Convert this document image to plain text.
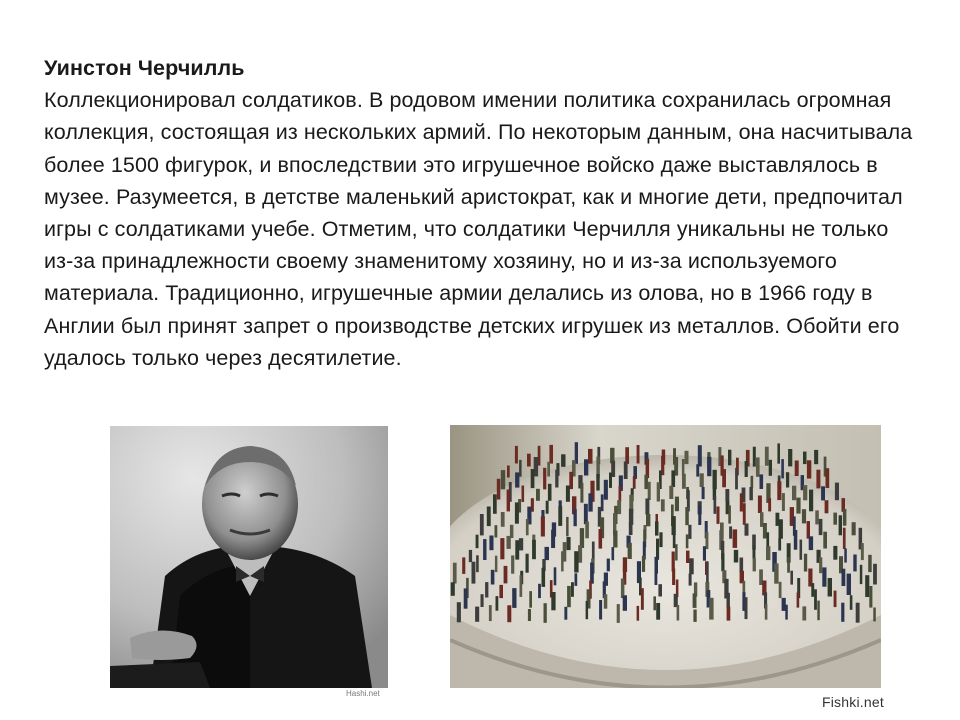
Уинстон Черчилль

Коллекционировал солдатиков. В родовом имении политика сохранилась огромная коллекция, состоящая из нескольких армий. По некоторым данным, она насчитывала более 1500 фигурок, и впоследствии это игрушечное войско даже выставлялось в музее. Разумеется, в детстве маленький аристократ, как и многие дети, предпочитал игры с солдатиками учебе. Отметим, что солдатики Черчилля уникальны не только из-за принадлежности своему знаменитому хозяину, но и из-за используемого материала. Традиционно, игрушечные армии делались из олова, но в 1966 году в Англии был принят запрет о производстве детских игрушек из металлов. Обойти его удалось только через десятилетие.

Hashi.net
Fishki.net
